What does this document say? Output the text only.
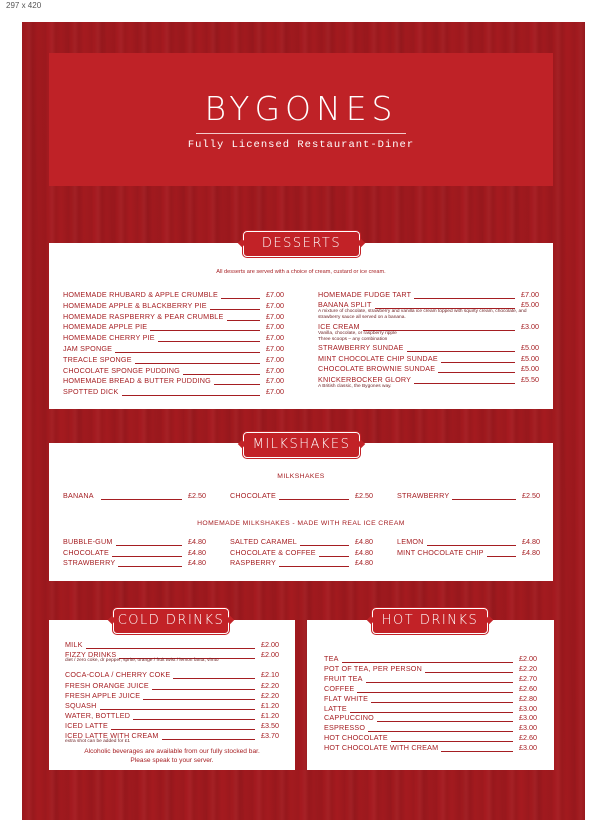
297 x 420
BYGONES
Fully Licensed Restaurant-Diner
DESSERTS
All desserts are served with a choice of cream, custard or ice cream.
HOMEMADE RHUBARD & APPLE CRUMBLE	£7.00
HOMEMADE APPLE & BLACKBERRY PIE	£7.00
HOMEMADE RASPBERRY & PEAR CRUMBLE	£7.00
HOMEMADE APPLE PIE	£7.00
HOMEMADE CHERRY PIE	£7.00
JAM SPONGE	£7.00
TREACLE SPONGE	£7.00
CHOCOLATE SPONGE PUDDING	£7.00
HOMEMADE BREAD & BUTTER PUDDING	£7.00
SPOTTED DICK	£7.00
HOMEMADE FUDGE TART	£7.00
BANANA SPLIT	£5.00
A mixture of chocolate, strawberry and vanilla ice cream topped with squirty cream, chocolate, and
strawberry sauce all served on a banana.
ICE CREAM	£3.00
Vanilla, chocolate, or raspberry ripple
Three scoops – any combination
STRAWBERRY SUNDAE	£5.00
MINT CHOCOLATE CHIP SUNDAE	£5.00
CHOCOLATE BROWNIE SUNDAE	£5.00
KNICKERBOCKER GLORY	£5.50
A British classic, the Bygones way.
MILKSHAKES
MILKSHAKES
HOMEMADE MILKSHAKES - MADE WITH REAL ICE CREAM
BANANA	£2.50	CHOCOLATE	£2.50	STRAWBERRY	£2.50
BUBBLE-GUM	£4.80
CHOCOLATE	£4.80
STRAWBERRY	£4.80
SALTED CARAMEL	£4.80
CHOCOLATE & COFFEE	£4.80
RASPBERRY	£4.80
LEMON	£4.80
MINT CHOCOLATE CHIP	£4.80
COLD DRINKS
MILK	£2.00
FIZZY DRINKS	£2.00
diet / zero coke, dr pepper, sprite, orange / fruit twist / lemon fanta, vimto
COCA-COLA / CHERRY COKE	£2.10
FRESH ORANGE JUICE	£2.20
FRESH APPLE JUICE	£2.20
SQUASH	£1.20
WATER, BOTTLED	£1.20
ICED LATTE	£3.50
ICED LATTE WITH CREAM	£3.70
extra shot can be added for £1
Alcoholic beverages are available from our fully stocked bar.
Please speak to your server.
HOT DRINKS
TEA	£2.00
POT OF TEA, PER PERSON	£2.20
FRUIT TEA	£2.70
COFFEE	£2.60
FLAT WHITE	£2.80
LATTE	£3.00
CAPPUCCINO	£3.00
ESPRESSO	£3.00
HOT CHOCOLATE	£2.60
HOT CHOCOLATE WITH CREAM	£3.00
